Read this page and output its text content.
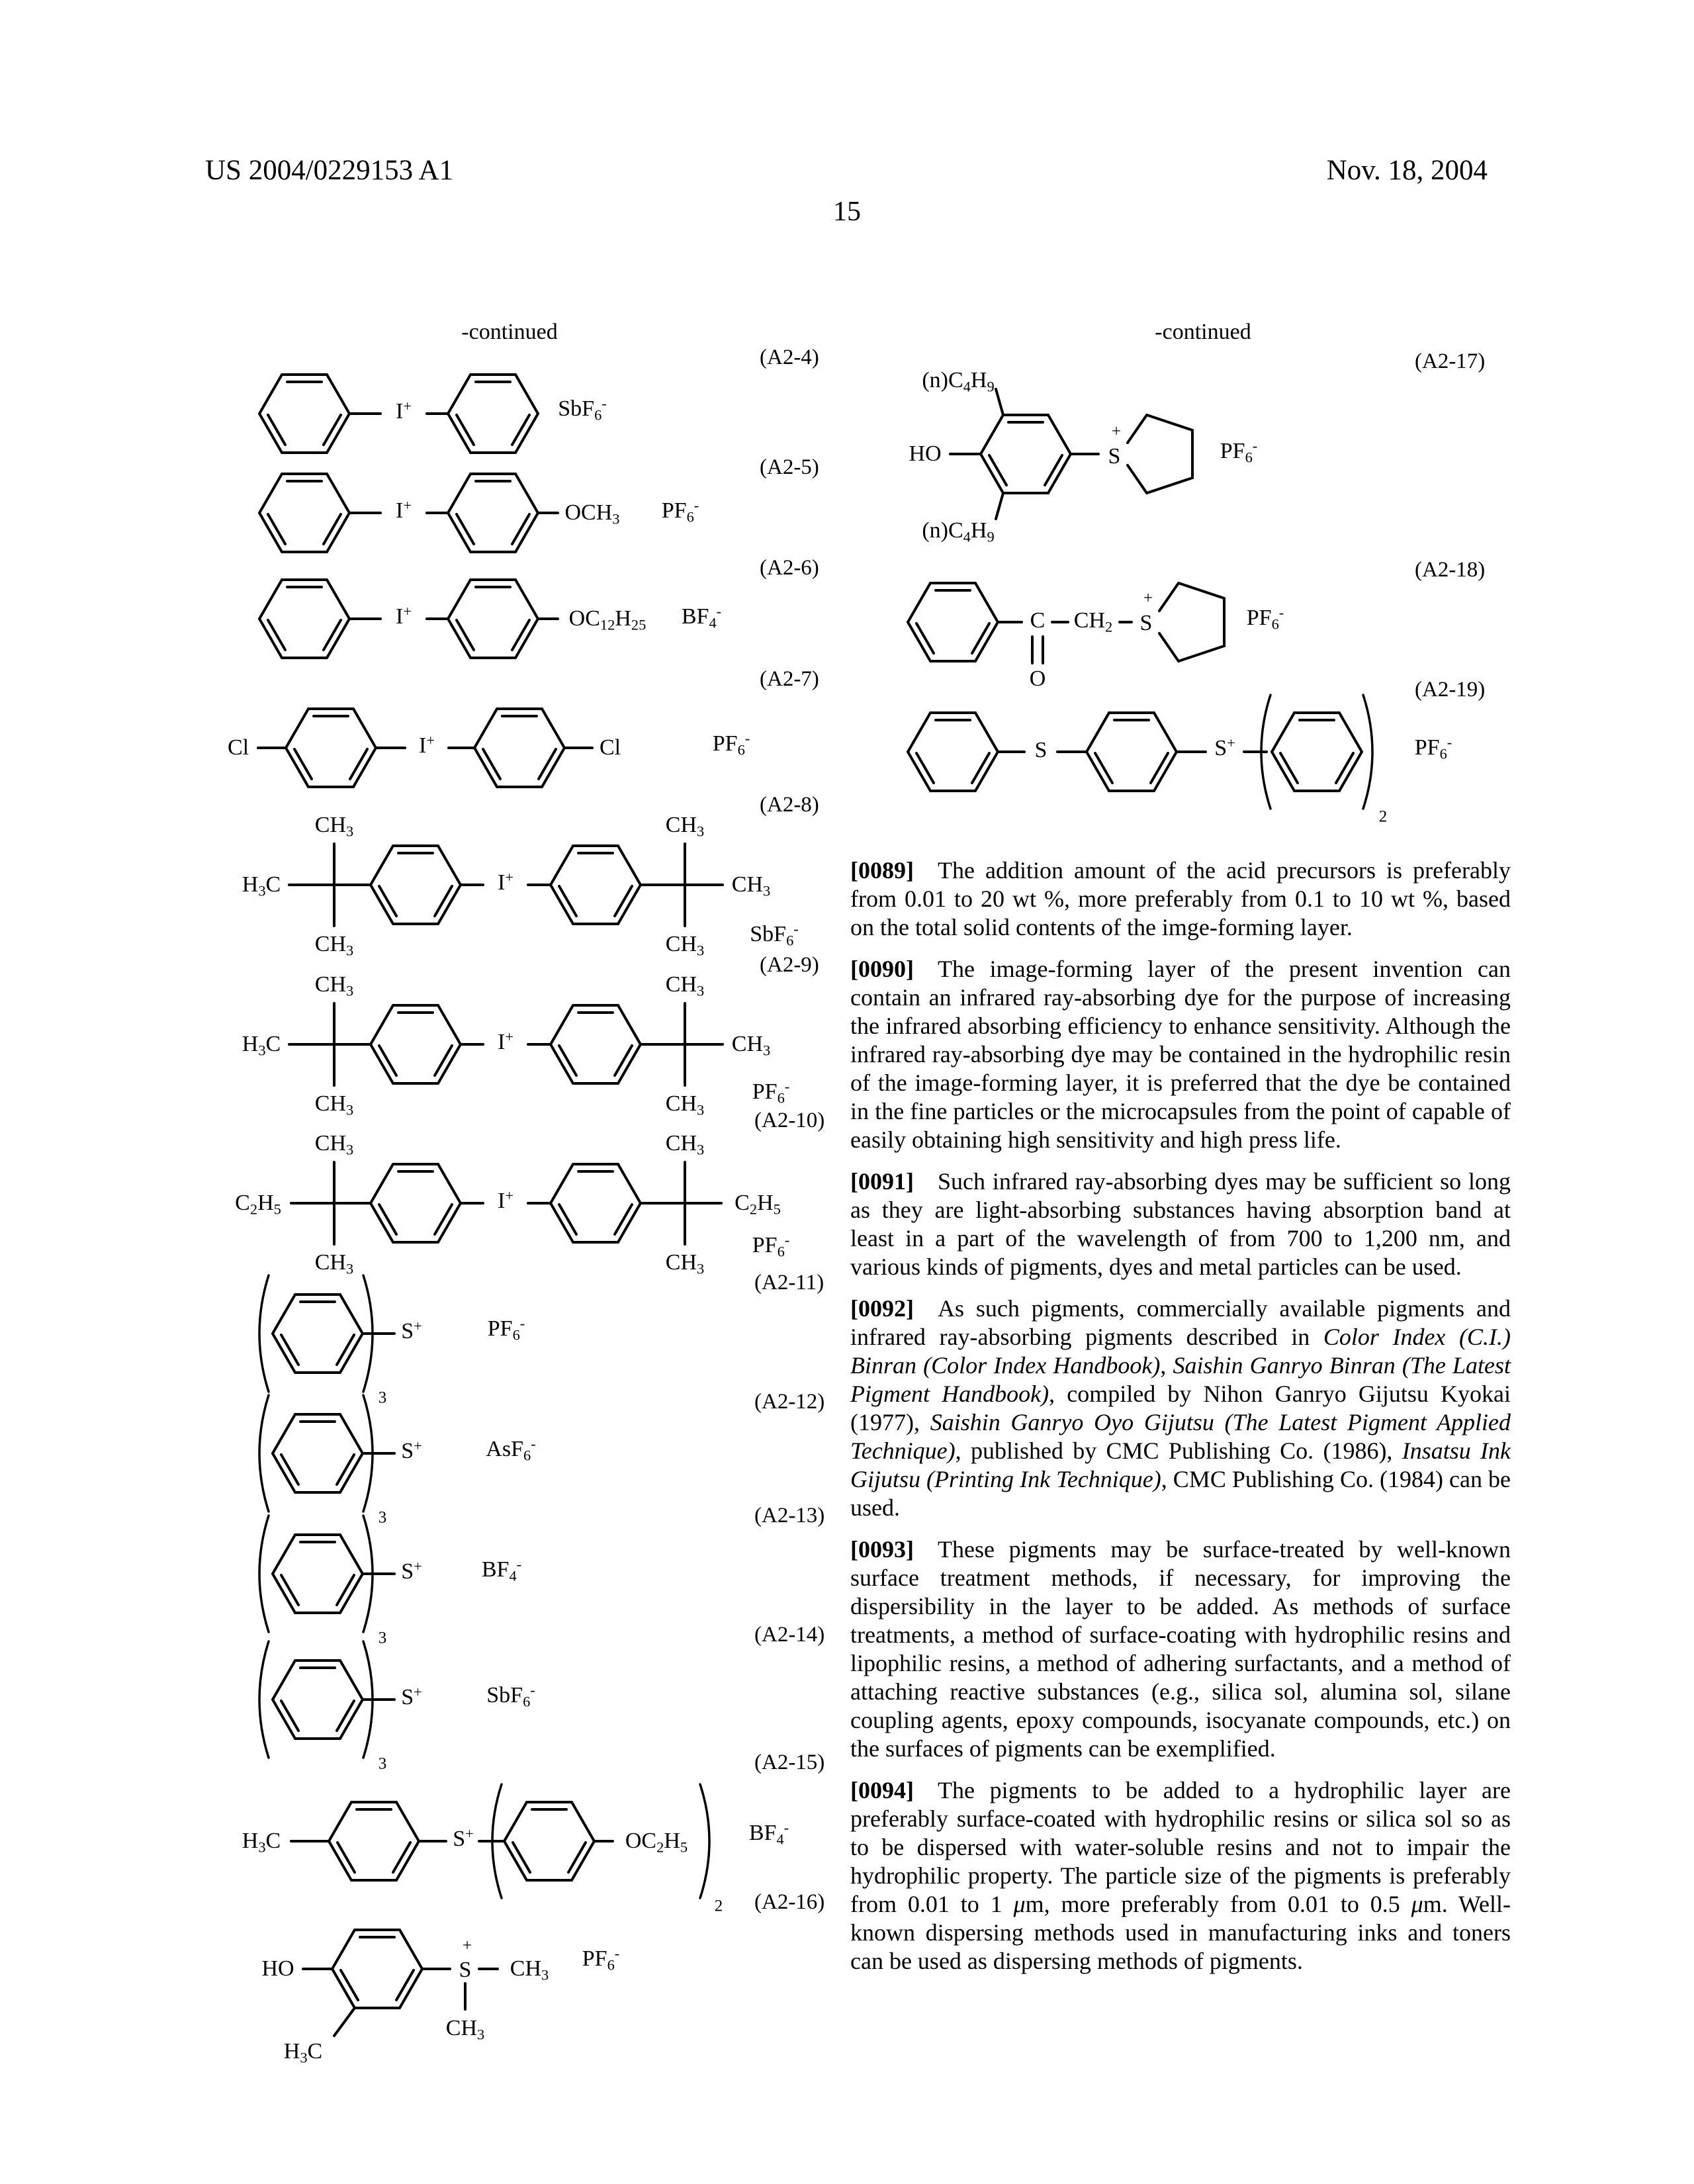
US 2004/0229153 A1	Nov. 18, 2004
15
-continued	-continued
(A2-4)
(A2-5)
(A2-6)
(A2-7)
(A2-8)
(A2-9)
(A2-10)
(A2-11)
(A2-12)
(A2-13)
(A2-14)
(A2-15)
(A2-16)
(A2-17)
(A2-18)
(A2-19)
I+	SbF$_6$-
I+	$OCH_3$ $PF_6^-$
I+	$OC_{12}H_{25}$ $BF_4^-$
Cl	I+	Cl	$PF_6^-$
$H_3C$
$CH_3$
$CH_3$
I+
$CH_3$
$CH_3$
$CH_3$
SbF$_6$-
$H_3C$
$CH_3$
$CH_3$
I+
$CH_3$
$CH_3$
$CH_3$
$PF_6^-$
$C_2H_5$
$CH_3$
$CH_3$
I+
$CH_3$
$CH_3$
$C_2H_5$
$PF_6^-$
S+
3
$PF_6^-$
S+
3
AsF$_6$-
S+
3
$BF_4^-$
S+
3
SbF$_6$-
$H_3C$	S+	$OC_2H_5$
2
$BF_4^-$
HO	S
+
$CH_3$
$CH_3$
$H_3C$
$PF_6^-$
$(n)C_4H_9$
HO	S
+
$PF_6^-$
$(n)C_4H_9$
C
O
$CH_2$ S
+
$PF_6^-$
S	S+
2
$PF_6^-$

[0089] The addition amount of the acid precursors is preferably from 0.01 to 20 wt %, more preferably from 0.1 to 10 wt %, based on the total solid contents of the imge-forming layer.

[0090] The image-forming layer of the present invention can contain an infrared ray-absorbing dye for the purpose of increasing the infrared absorbing efficiency to enhance sensitivity. Although the infrared ray-absorbing dye may be contained in the hydrophilic resin of the image-forming layer, it is preferred that the dye be contained in the fine particles or the microcapsules from the point of capable of easily obtaining high sensitivity and high press life.

[0091] Such infrared ray-absorbing dyes may be sufficient so long as they are light-absorbing substances having absorption band at least in a part of the wavelength of from 700 to 1,200 nm, and various kinds of pigments, dyes and metal particles can be used.

[0092] As such pigments, commercially available pigments and infrared ray-absorbing pigments described in Color Index (C.I.) Binran (Color Index Handbook), Saishin Ganryo Binran (The Latest Pigment Handbook), compiled by Nihon Ganryo Gijutsu Kyokai (1977), Saishin Ganryo Oyo Gijutsu (The Latest Pigment Applied Technique), published by CMC Publishing Co. (1986), Insatsu Ink Gijutsu (Printing Ink Technique), CMC Publishing Co. (1984) can be used.

[0093] These pigments may be surface-treated by well-known surface treatment methods, if necessary, for improving the dispersibility in the layer to be added. As methods of surface treatments, a method of surface-coating with hydrophilic resins and lipophilic resins, a method of adhering surfactants, and a method of attaching reactive substances (e.g., silica sol, alumina sol, silane coupling agents, epoxy compounds, isocyanate compounds, etc.) on the surfaces of pigments can be exemplified.

[0094] The pigments to be added to a hydrophilic layer are preferably surface-coated with hydrophilic resins or silica sol so as to be dispersed with water-soluble resins and not to impair the hydrophilic property. The particle size of the pigments is preferably from 0.01 to 1 μm, more preferably from 0.01 to 0.5 μm. Well-known dispersing methods used in manufacturing inks and toners can be used as dispersing methods of pigments.
